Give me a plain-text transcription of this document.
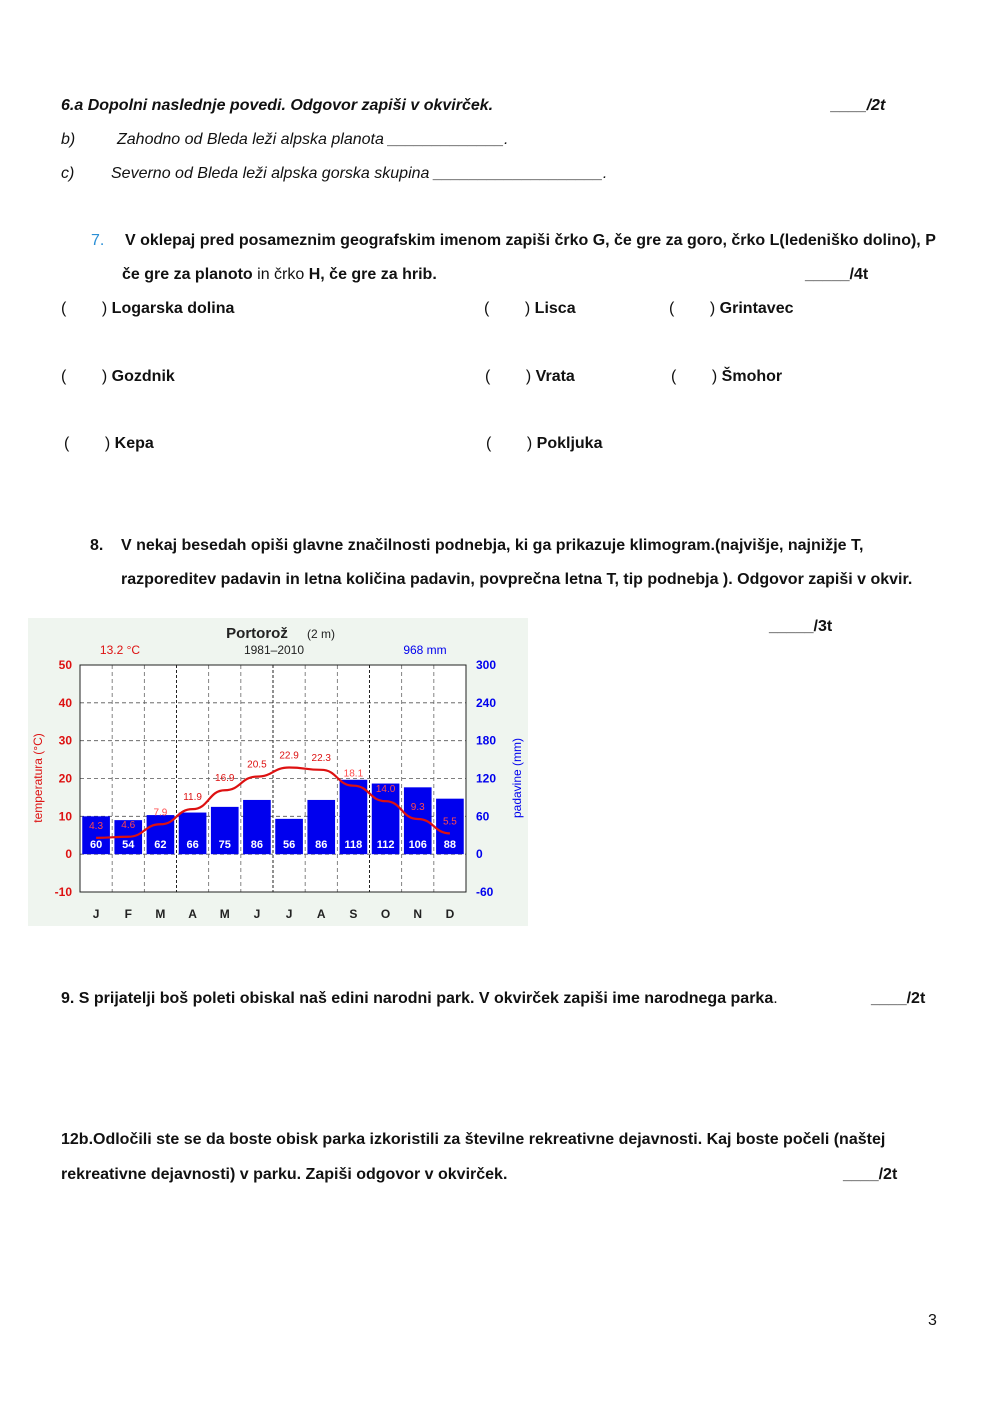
6.a Dopolni naslednje povedi. Odgovor zapiši v okvirček.	____/2t
b)	Zahodno od Bleda leži alpska planota _____________.
c) Severno od Bleda leži alpska gorska skupina ___________________.
7. V oklepaj pred posameznim geografskim imenom zapiši črko G, če gre za goro, črko L(ledeniško dolino), P
če gre za planoto in črko H, če gre za hrib.	_____/4t
(        ) Logarska dolina	(        ) Lisca	(        ) Grintavec
(        ) Gozdnik	(        ) Vrata	(        ) Šmohor
(        ) Kepa	(        ) Pokljuka
8. V nekaj besedah opiši glavne značilnosti podnebja, ki ga prikazuje klimogram.(najvišje, najnižje T,
razporeditev padavin in letna količina padavin, povprečna letna T, tip podnebja ). Odgovor zapiši v okvir.
_____/3t
60 54 62 66 75 86 56 86 118 112 106 88
4.3 4.6
7.9
11.9
16.9
20.5
22.9 22.3
18.1
14.0
9.3
5.5
50	300
40	240
30	180
20	120
10	60
0	0
-10	-60
J F M A M J J A S O N D
Portorož (2 m)
1981–2010
13.2 °C	968 mm
temperatura (°C)	padavine (mm)
9. S prijatelji boš poleti obiskal naš edini narodni park. V okvirček zapiši ime narodnega parka.	____/2t
12b.Odločili ste se da boste obisk parka izkoristili za številne rekreativne dejavnosti. Kaj boste počeli (naštej
rekreativne dejavnosti) v parku. Zapiši odgovor v okvirček.	____/2t
3
